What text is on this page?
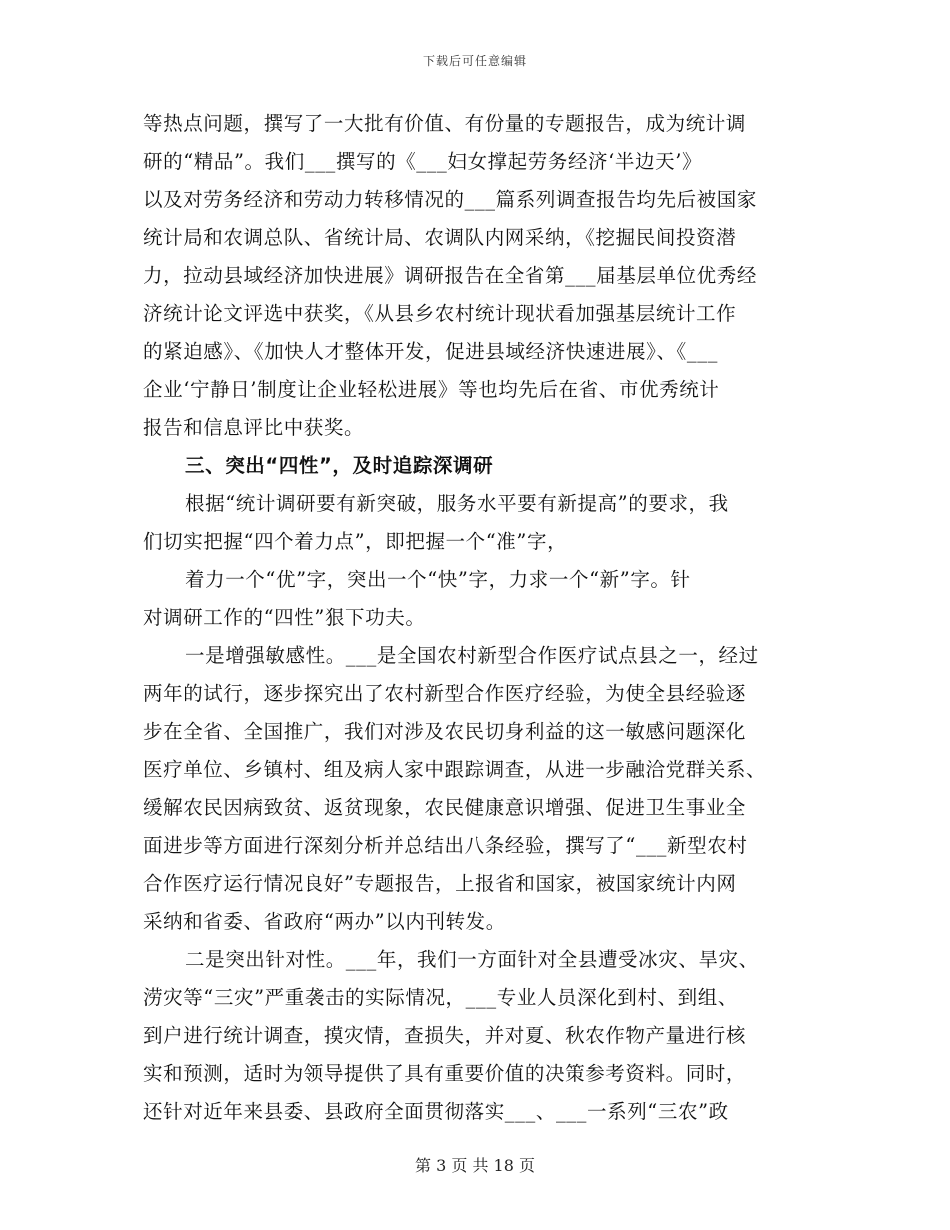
下载后可任意编辑
等热点问题，撰写了一大批有价值、有份量的专题报告，成为统计调
研的“精品”。我们___撰写的《___妇女撑起劳务经济‘半边天’》
以及对劳务经济和劳动力转移情况的___篇系列调查报告均先后被国家
统计局和农调总队、省统计局、农调队内网采纳，《挖掘民间投资潜
力，拉动县域经济加快进展》调研报告在全省第___届基层单位优秀经
济统计论文评选中获奖，《从县乡农村统计现状看加强基层统计工作
的紧迫感》、《加快人才整体开发，促进县域经济快速进展》、《___
企业‘宁静日’制度让企业轻松进展》等也均先后在省、市优秀统计
报告和信息评比中获奖。
三、突出“四性”，及时追踪深调研
根据“统计调研要有新突破，服务水平要有新提高”的要求，我
们切实把握“四个着力点”，即把握一个“准”字，
着力一个“优”字，突出一个“快”字，力求一个“新”字。针
对调研工作的“四性”狠下功夫。
一是增强敏感性。___是全国农村新型合作医疗试点县之一，经过
两年的试行，逐步探究出了农村新型合作医疗经验，为使全县经验逐
步在全省、全国推广，我们对涉及农民切身利益的这一敏感问题深化
医疗单位、乡镇村、组及病人家中跟踪调查，从进一步融洽党群关系、
缓解农民因病致贫、返贫现象，农民健康意识增强、促进卫生事业全
面进步等方面进行深刻分析并总结出八条经验，撰写了“___新型农村
合作医疗运行情况良好”专题报告，上报省和国家，被国家统计内网
采纳和省委、省政府“两办”以内刊转发。
二是突出针对性。___年，我们一方面针对全县遭受冰灾、旱灾、
涝灾等“三灾”严重袭击的实际情况，___专业人员深化到村、到组、
到户进行统计调查，摸灾情，查损失，并对夏、秋农作物产量进行核
实和预测，适时为领导提供了具有重要价值的决策参考资料。同时，
还针对近年来县委、县政府全面贯彻落实___、___一系列“三农”政
第 3 页 共 18 页
